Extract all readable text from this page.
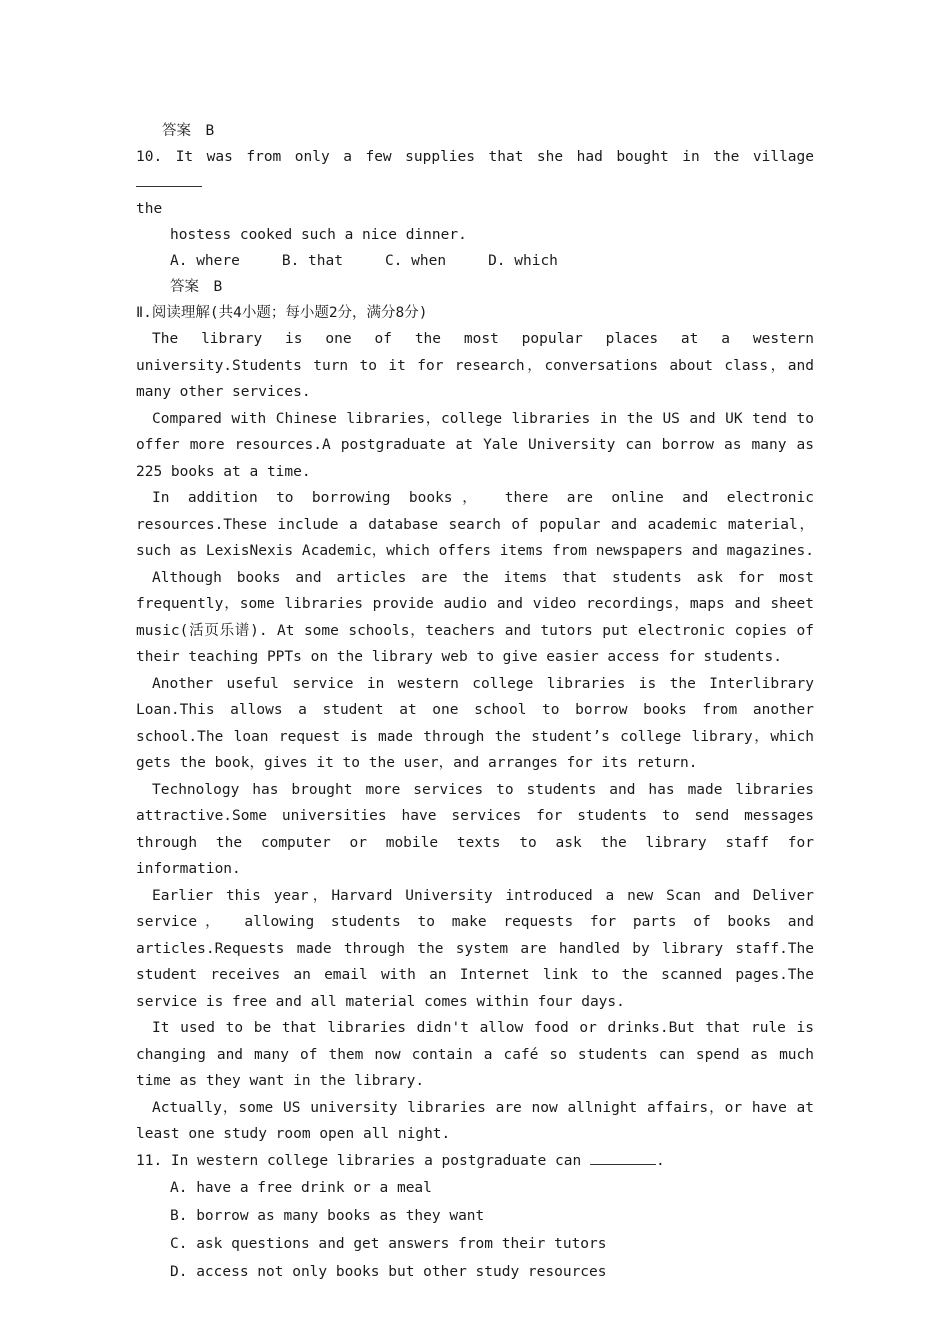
答案　B

10. It was from only a few supplies that she had bought in the village

the

hostess cooked such a nice dinner.

A. where	B. that	C. when	D. which

答案　B

Ⅱ.阅读理解(共4小题；每小题2分，满分8分)

The library is one of the most popular places at a western university.Students turn to it for research，conversations about class，and many other services.

Compared with Chinese libraries，college libraries in the US and UK tend to offer more resources.A postgraduate at Yale University can borrow as many as 225 books at a time.

In addition to borrowing books， there are online and electronic resources.These include a database search of popular and academic material，such as LexisNexis Academic，which offers items from newspapers and magazines.

Although books and articles are the items that students ask for most frequently，some libraries provide audio and video recordings，maps and sheet music(活页乐谱). At some schools，teachers and tutors put electronic copies of their teaching PPTs on the library web to give easier access for students.

Another useful service in western college libraries is the Interlibrary Loan.This allows a student at one school to borrow books from another school.The loan request is made through the student’s college library，which gets the book，gives it to the user，and arranges for its return.

Technology has brought more services to students and has made libraries attractive.Some universities have services for students to send messages through the computer or mobile texts to ask the library staff for information.

Earlier this year，Harvard University introduced a new Scan and Deliver service， allowing students to make requests for parts of books and articles.Requests made through the system are handled by library staff.The student receives an email with an Internet link to the scanned pages.The service is free and all material comes within four days.

It used to be that libraries didn't allow food or drinks.But that rule is changing and many of them now contain a café so students can spend as much time as they want in the library.

Actually，some US university libraries are now allnight affairs，or have at least one study room open all night.

11. In western college libraries a postgraduate can	.

A. have a free drink or a meal

B. borrow as many books as they want

C. ask questions and get answers from their tutors

D. access not only books but other study resources
